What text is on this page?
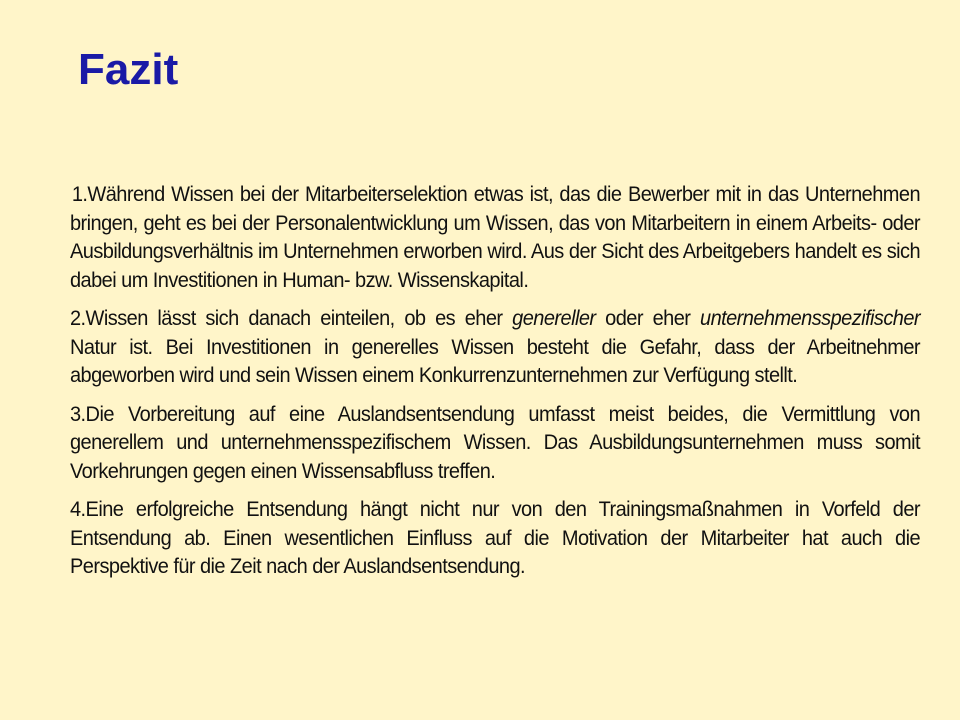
Fazit

1.Während Wissen bei der Mitarbeiterselektion etwas ist, das die Bewerber mit in das Unternehmen bringen, geht es bei der Personalentwicklung um Wissen, das von Mitarbeitern in einem Arbeits- oder Ausbildungsverhältnis im Unternehmen erworben wird. Aus der Sicht des Arbeitgebers handelt es sich dabei um Investitionen in Human- bzw. Wissenskapital.

2.Wissen lässt sich danach einteilen, ob es eher genereller oder eher unternehmensspezifischer Natur ist. Bei Investitionen in generelles Wissen besteht die Gefahr, dass der Arbeitnehmer abgeworben wird und sein Wissen einem Konkurrenzunternehmen zur Verfügung stellt.

3.Die Vorbereitung auf eine Auslandsentsendung umfasst meist beides, die Vermittlung von generellem und unternehmensspezifischem Wissen. Das Ausbildungsunternehmen muss somit Vorkehrungen gegen einen Wissensabfluss treffen.

4.Eine erfolgreiche Entsendung hängt nicht nur von den Trainingsmaßnahmen in Vorfeld der Entsendung ab. Einen wesentlichen Einfluss auf die Motivation der Mitarbeiter hat auch die Perspektive für die Zeit nach der Auslandsentsendung.
